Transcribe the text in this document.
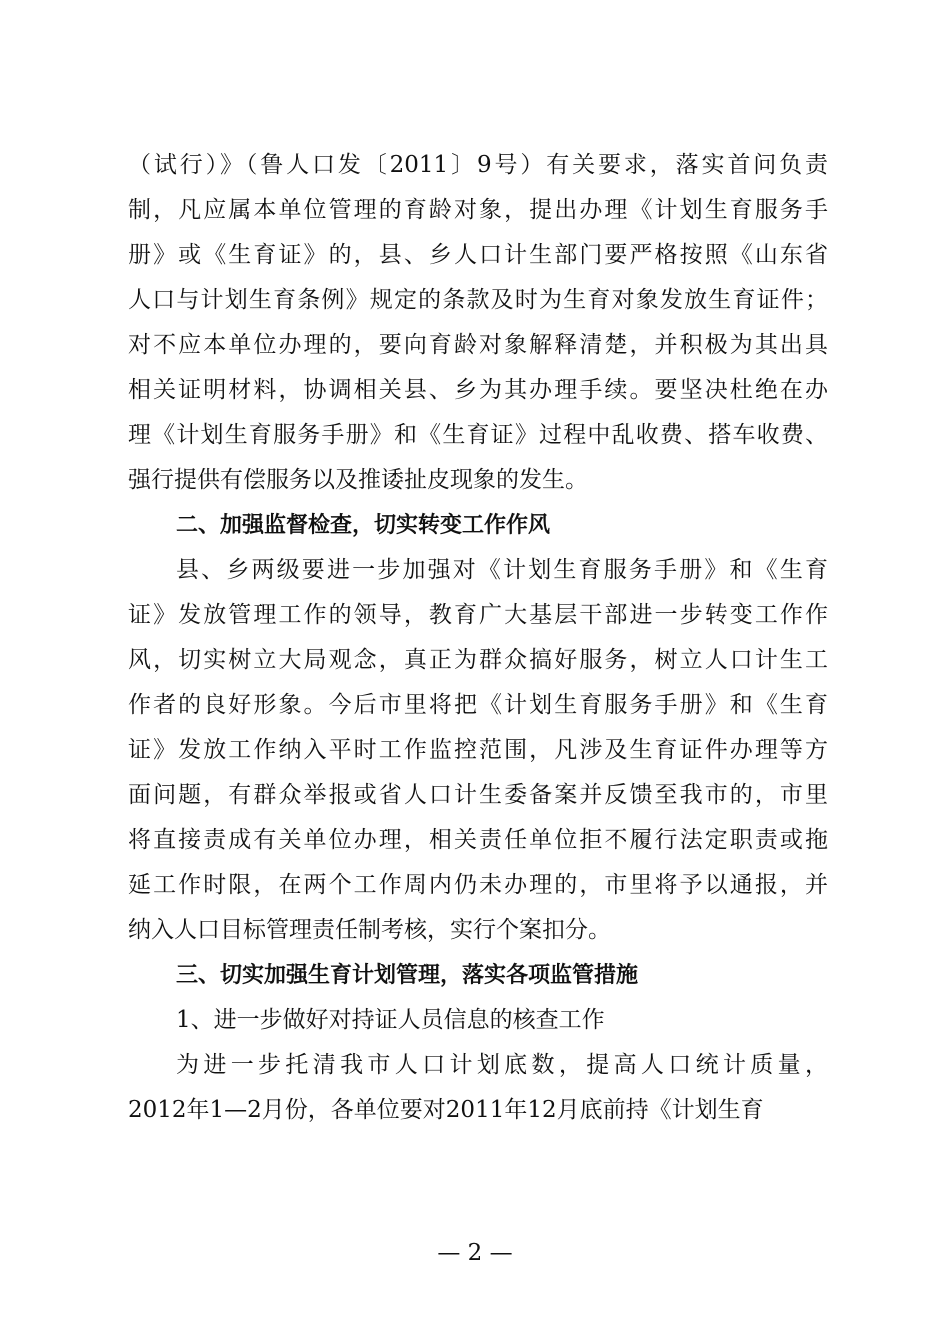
（试行）》（鲁人口发〔2011〕9号）有关要求，落实首问负责
制，凡应属本单位管理的育龄对象，提出办理《计划生育服务手
册》或《生育证》的，县、乡人口计生部门要严格按照《山东省
人口与计划生育条例》规定的条款及时为生育对象发放生育证件；
对不应本单位办理的，要向育龄对象解释清楚，并积极为其出具
相关证明材料，协调相关县、乡为其办理手续。要坚决杜绝在办
理《计划生育服务手册》和《生育证》过程中乱收费、搭车收费、
强行提供有偿服务以及推诿扯皮现象的发生。
二、加强监督检查，切实转变工作作风
县、乡两级要进一步加强对《计划生育服务手册》和《生育
证》发放管理工作的领导，教育广大基层干部进一步转变工作作
风，切实树立大局观念，真正为群众搞好服务，树立人口计生工
作者的良好形象。今后市里将把《计划生育服务手册》和《生育
证》发放工作纳入平时工作监控范围，凡涉及生育证件办理等方
面问题，有群众举报或省人口计生委备案并反馈至我市的，市里
将直接责成有关单位办理，相关责任单位拒不履行法定职责或拖
延工作时限，在两个工作周内仍未办理的，市里将予以通报，并
纳入人口目标管理责任制考核，实行个案扣分。
三、切实加强生育计划管理，落实各项监管措施
1、进一步做好对持证人员信息的核查工作
为进一步托清我市人口计划底数，提高人口统计质量，
2012年1—2月份，各单位要对2011年12月底前持《计划生育
— 2 —
